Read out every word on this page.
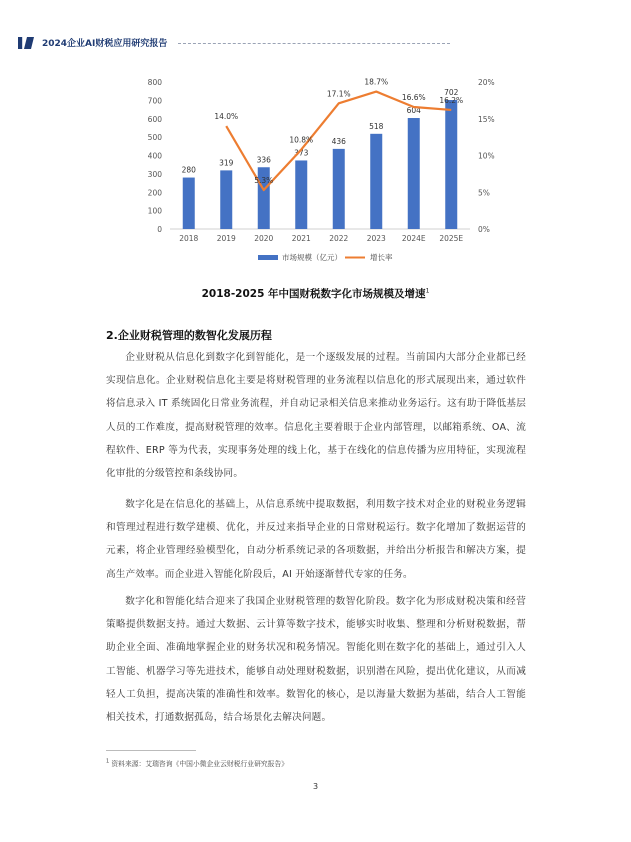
2024企业AI财税应用研究报告
0
100
200
300
400
500
600
700
800
0%
5%
10%
15%
20%
280
319	336
373
436
518
604
702
2018 2019 2020 2021 2022 2023 2024E 2025E
14.0%
5.3%
10.8%
17.1%
18.7%
16.6% 16.2%
市场规模（亿元）	增长率
2018-2025 年中国财税数字化市场规模及增速$^1$
2.企业财税管理的数智化发展历程
企业财税从信息化到数字化到智能化，是一个逐级发展的过程。当前国内大部分企业都已经实现信息化。企业财税信息化主要是将财税管理的业务流程以信息化的形式展现出来，通过软件将信息录入 IT 系统固化日常业务流程，并自动记录相关信息来推动业务运行。这有助于降低基层人员的工作难度，提高财税管理的效率。信息化主要着眼于企业内部管理，以邮箱系统、OA、流程软件、ERP 等为代表，实现事务处理的线上化，基于在线化的信息传播为应用特征，实现流程化审批的分级管控和条线协同。
数字化是在信息化的基础上，从信息系统中提取数据，利用数字技术对企业的财税业务逻辑和管理过程进行数学建模、优化，并反过来指导企业的日常财税运行。数字化增加了数据运营的元素，将企业管理经验模型化，自动分析系统记录的各项数据，并给出分析报告和解决方案，提高生产效率。而企业进入智能化阶段后，AI 开始逐渐替代专家的任务。
数字化和智能化结合迎来了我国企业财税管理的数智化阶段。数字化为形成财税决策和经营策略提供数据支持。通过大数据、云计算等数字技术，能够实时收集、整理和分析财税数据，帮助企业全面、准确地掌握企业的财务状况和税务情况。智能化则在数字化的基础上，通过引入人工智能、机器学习等先进技术，能够自动处理财税数据，识别潜在风险，提出优化建议，从而减轻人工负担，提高决策的准确性和效率。数智化的核心，是以海量大数据为基础，结合人工智能相关技术，打通数据孤岛，结合场景化去解决问题。
$^1$ 资料来源：艾瑞咨询《中国小微企业云财税行业研究报告》
3
